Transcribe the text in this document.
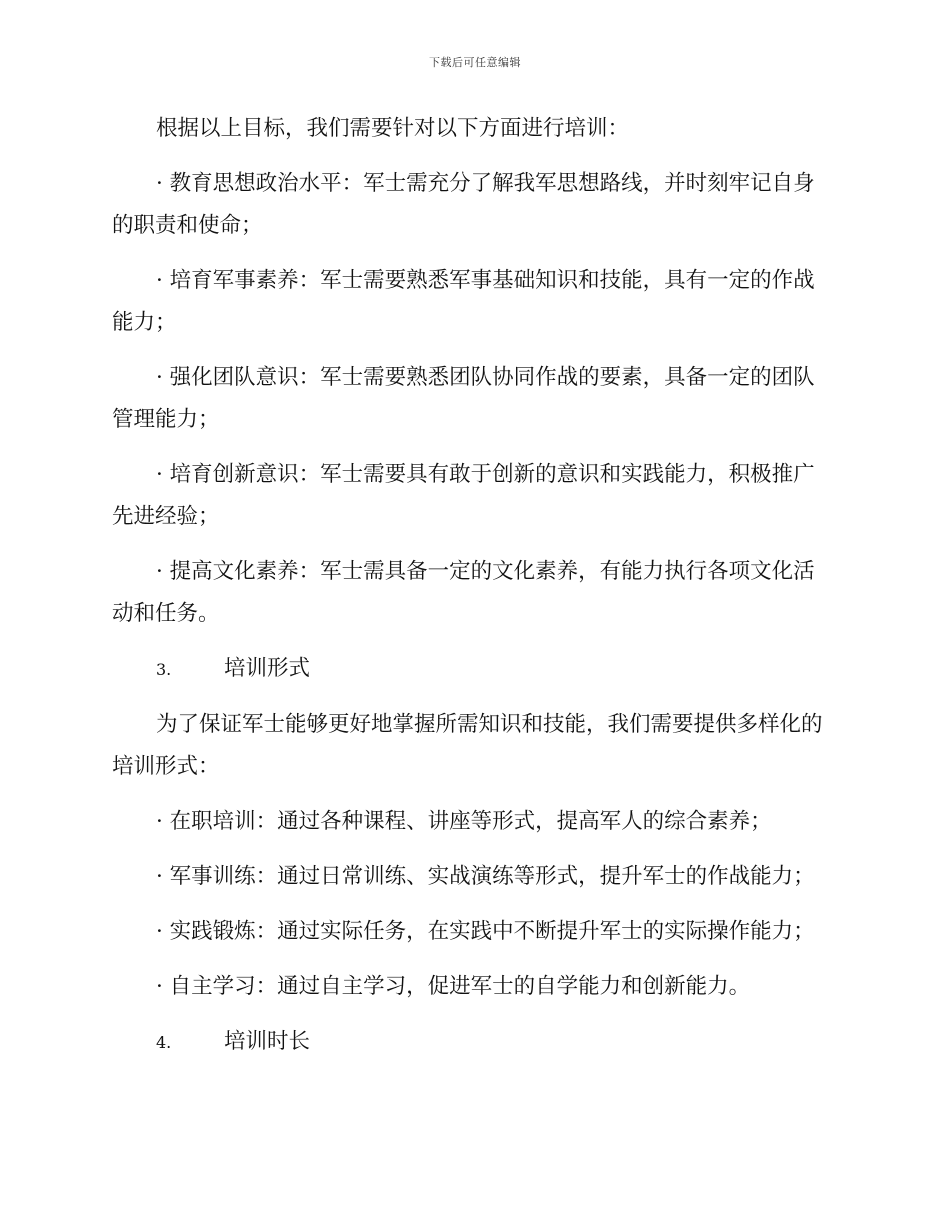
下载后可任意编辑
根据以上目标，我们需要针对以下方面进行培训：
· 教育思想政治水平：军士需充分了解我军思想路线，并时刻牢记自身
的职责和使命；
· 培育军事素养：军士需要熟悉军事基础知识和技能，具有一定的作战
能力；
· 强化团队意识：军士需要熟悉团队协同作战的要素，具备一定的团队
管理能力；
· 培育创新意识：军士需要具有敢于创新的意识和实践能力，积极推广
先进经验；
· 提高文化素养：军士需具备一定的文化素养，有能力执行各项文化活
动和任务。
3.	培训形式
为了保证军士能够更好地掌握所需知识和技能，我们需要提供多样化的
培训形式：
· 在职培训：通过各种课程、讲座等形式，提高军人的综合素养；
· 军事训练：通过日常训练、实战演练等形式，提升军士的作战能力；
· 实践锻炼：通过实际任务，在实践中不断提升军士的实际操作能力；
· 自主学习：通过自主学习，促进军士的自学能力和创新能力。
4.	培训时长
